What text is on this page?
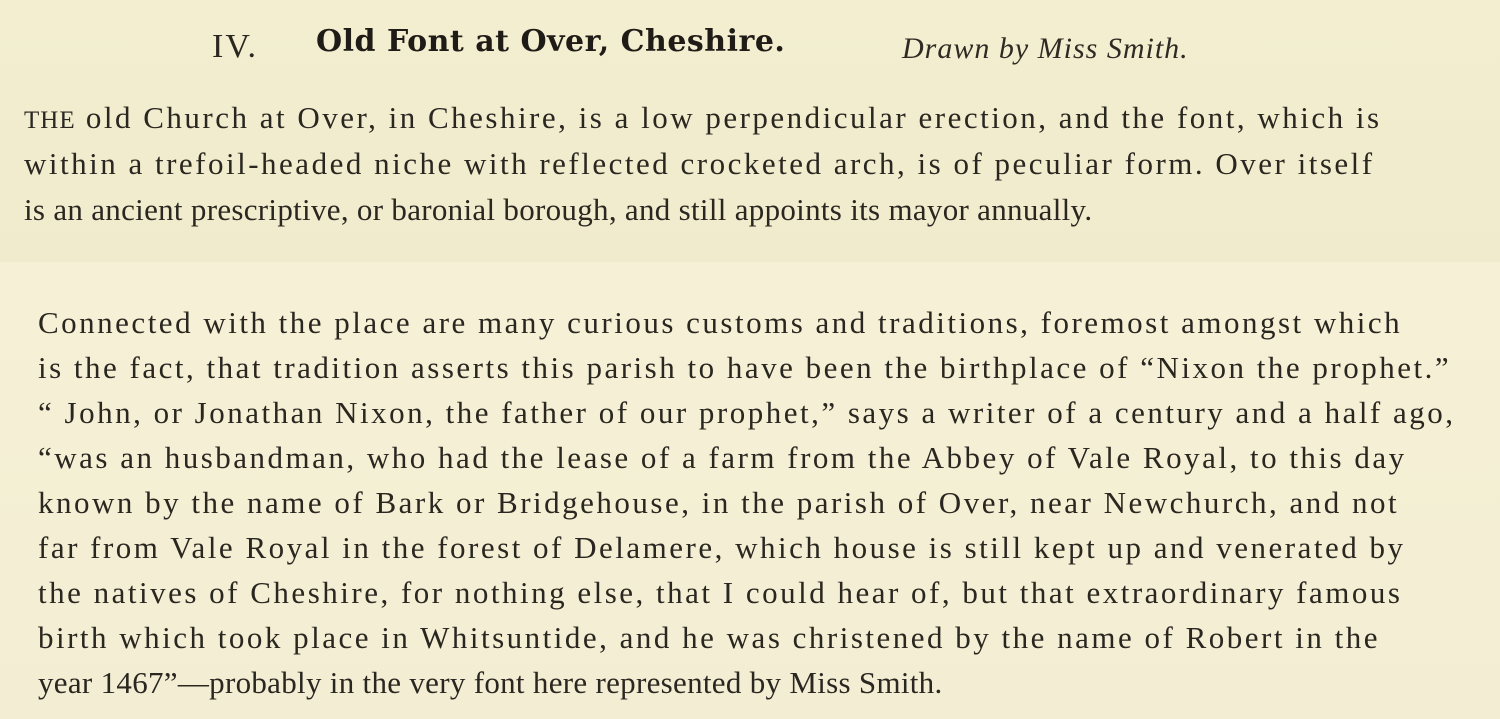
IV. Old Font at Over, Cheshire.	Drawn by Miss Smith.
THE old Church at Over, in Cheshire, is a low perpendicular erection, and the font, which is
within a trefoil-headed niche with reflected crocketed arch, is of peculiar form. Over itself
is an ancient prescriptive, or baronial borough, and still appoints its mayor annually.
Connected with the place are many curious customs and traditions, foremost amongst which
is the fact, that tradition asserts this parish to have been the birthplace of “Nixon the prophet.”
“ John, or Jonathan Nixon, the father of our prophet,” says a writer of a century and a half ago,
“was an husbandman, who had the lease of a farm from the Abbey of Vale Royal, to this day
known by the name of Bark or Bridgehouse, in the parish of Over, near Newchurch, and not
far from Vale Royal in the forest of Delamere, which house is still kept up and venerated by
the natives of Cheshire, for nothing else, that I could hear of, but that extraordinary famous
birth which took place in Whitsuntide, and he was christened by the name of Robert in the
year 1467”—probably in the very font here represented by Miss Smith.
